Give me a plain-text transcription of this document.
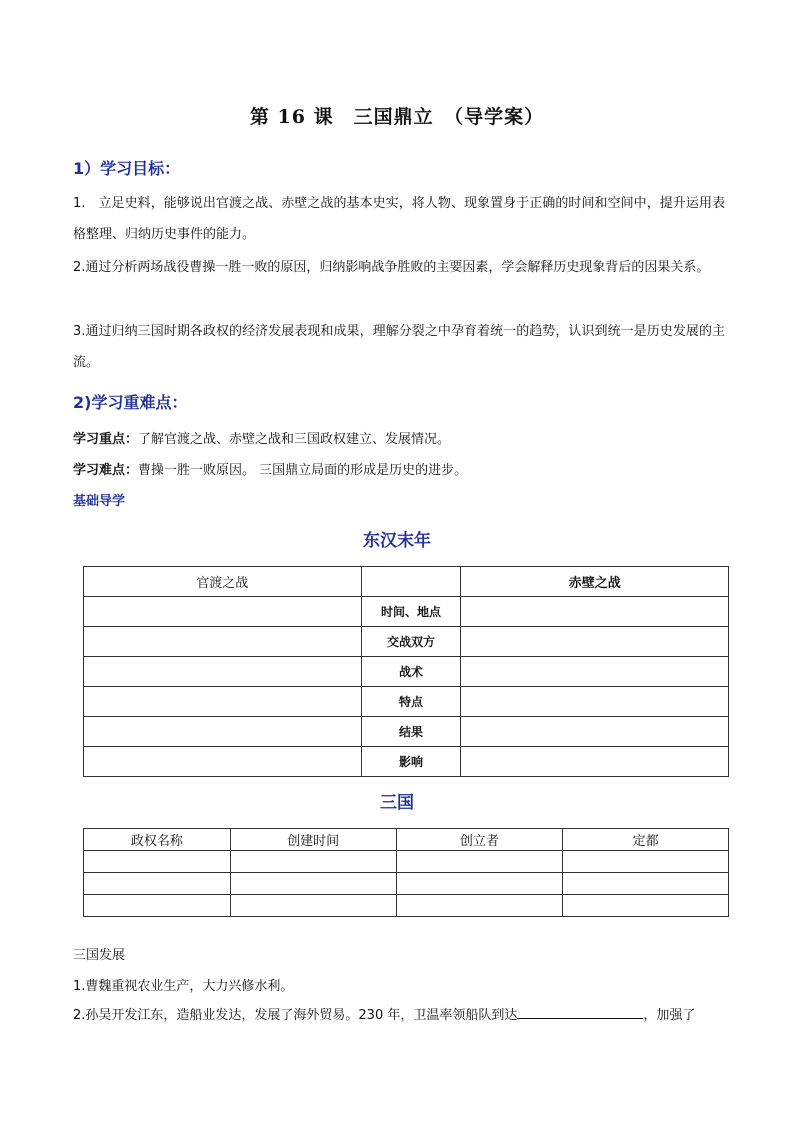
第 16 课　三国鼎立　（导学案）
1）学习目标：
1.　立足史料，能够说出官渡之战、赤壁之战的基本史实，将人物、现象置身于正确的时间和空间中，提升运用表格整理、归纳历史事件的能力。
2.通过分析两场战役曹操一胜一败的原因，归纳影响战争胜败的主要因素，学会解释历史现象背后的因果关系。
3.通过归纳三国时期各政权的经济发展表现和成果，理解分裂之中孕育着统一的趋势，认识到统一是历史发展的主流。
2)学习重难点：
学习重点：了解官渡之战、赤壁之战和三国政权建立、发展情况。
学习难点：曹操一胜一败原因。 三国鼎立局面的形成是历史的进步。
基础导学
东汉末年
官渡之战		赤壁之战
	时间、地点	
	交战双方	
	战术	
	特点	
	结果	
	影响	
三国
政权名称	创建时间	创立者	定都

三国发展
1.曹魏重视农业生产，大力兴修水利。
2.孙吴开发江东，造船业发达，发展了海外贸易。230 年，卫温率领船队到达	，加强了
